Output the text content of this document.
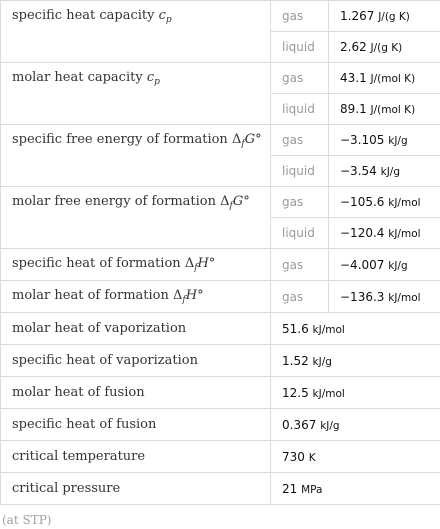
specific heat capacity $c_p$	gas	1.267 J/(g K)
	liquid	2.62 J/(g K)
molar heat capacity $c_p$	gas	43.1 J/(mol K)
	liquid	89.1 J/(mol K)
specific free energy of formation $\Delta_fG^\circ$	gas	−3.105 kJ/g
	liquid	−3.54 kJ/g
molar free energy of formation $\Delta_fG^\circ$	gas	−105.6 kJ/mol
	liquid	−120.4 kJ/mol
specific heat of formation $\Delta_fH^\circ$	gas	−4.007 kJ/g
molar heat of formation $\Delta_fH^\circ$	gas	−136.3 kJ/mol
molar heat of vaporization	51.6 kJ/mol	
specific heat of vaporization	1.52 kJ/g	
molar heat of fusion	12.5 kJ/mol	
specific heat of fusion	0.367 kJ/g	
critical temperature	730 K	
critical pressure	21 MPa	
(at STP)
